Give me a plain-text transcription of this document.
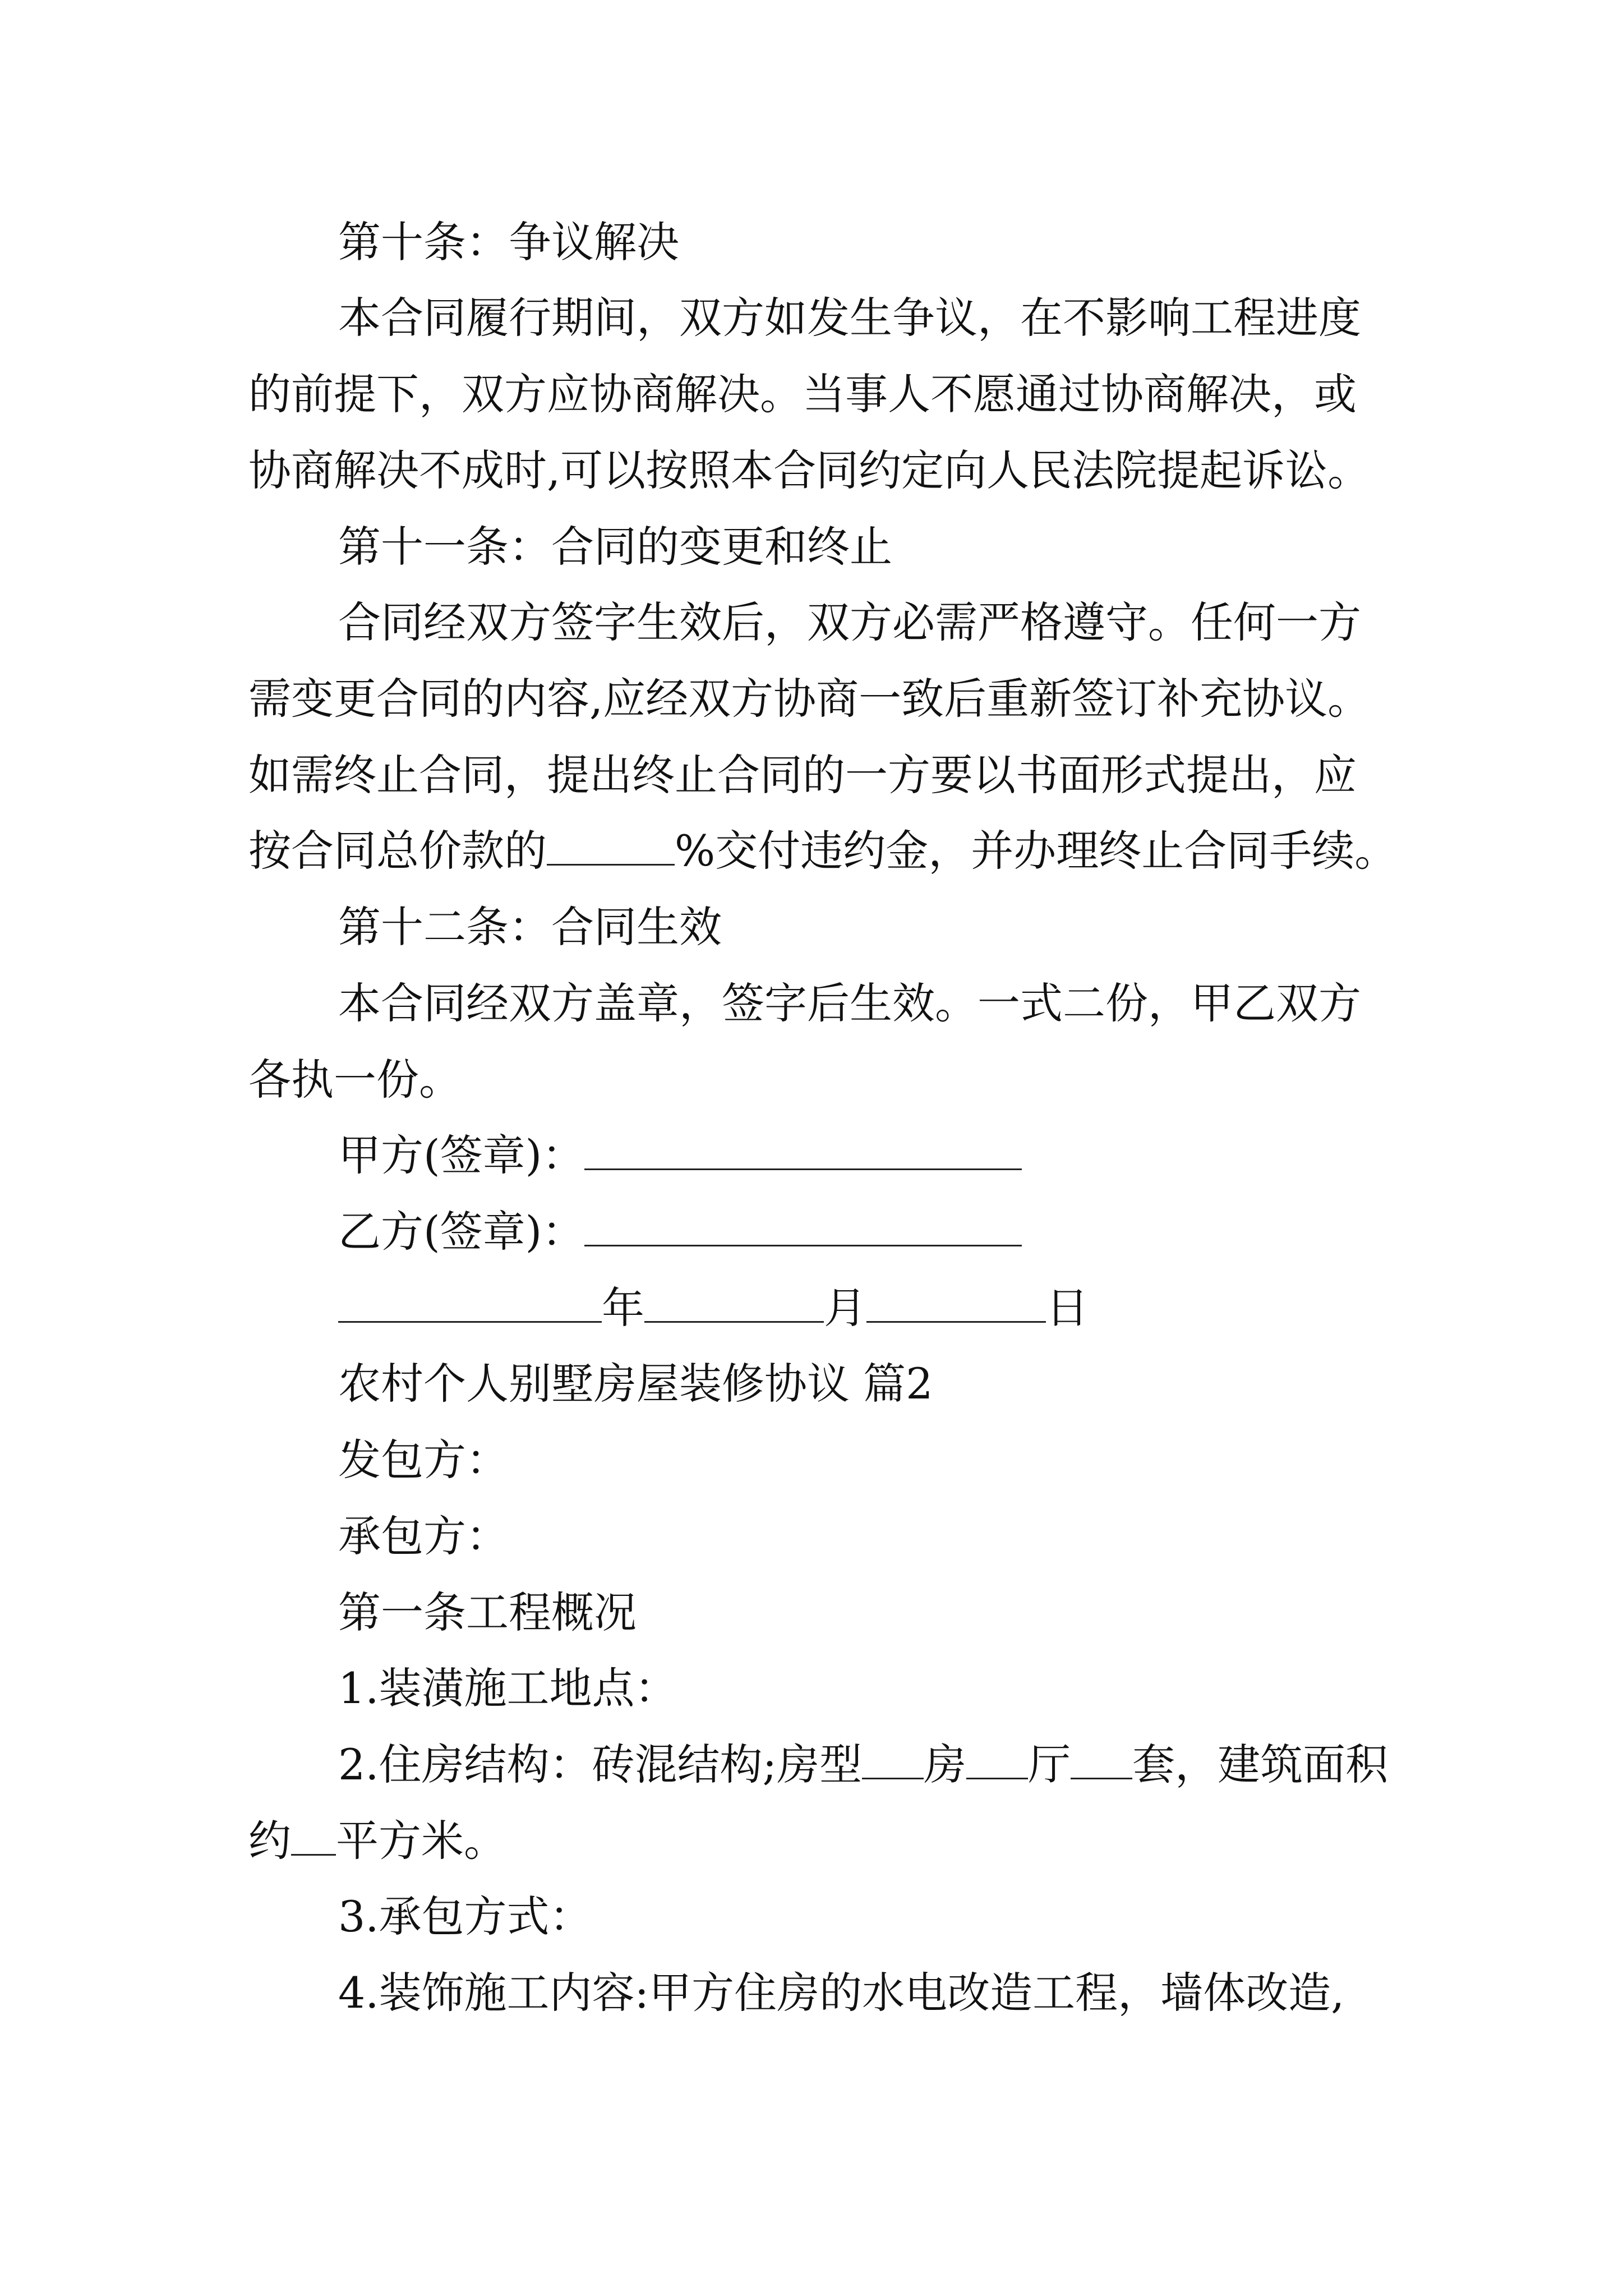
第十条：争议解决

本合同履行期间，双方如发生争议，在不影响工程进度

的前提下，双方应协商解决。当事人不愿通过协商解决，或

协商解决不成时,可以按照本合同约定向人民法院提起诉讼。

第十一条：合同的变更和终止

合同经双方签字生效后，双方必需严格遵守。任何一方

需变更合同的内容,应经双方协商一致后重新签订补充协议。

如需终止合同，提出终止合同的一方要以书面形式提出，应

按合同总价款的	%交付违约金，并办理终止合同手续。

第十二条：合同生效

本合同经双方盖章，签字后生效。一式二份，甲乙双方

各执一份。

甲方(签章)：

乙方(签章)：

年	月	日

农村个人别墅房屋装修协议 篇2

发包方：

承包方：

第一条工程概况

1.装潢施工地点：

2.住房结构：砖混结构;房型 房 厅 套，建筑面积

约 平方米。

3.承包方式：

4.装饰施工内容:甲方住房的水电改造工程，墙体改造,
